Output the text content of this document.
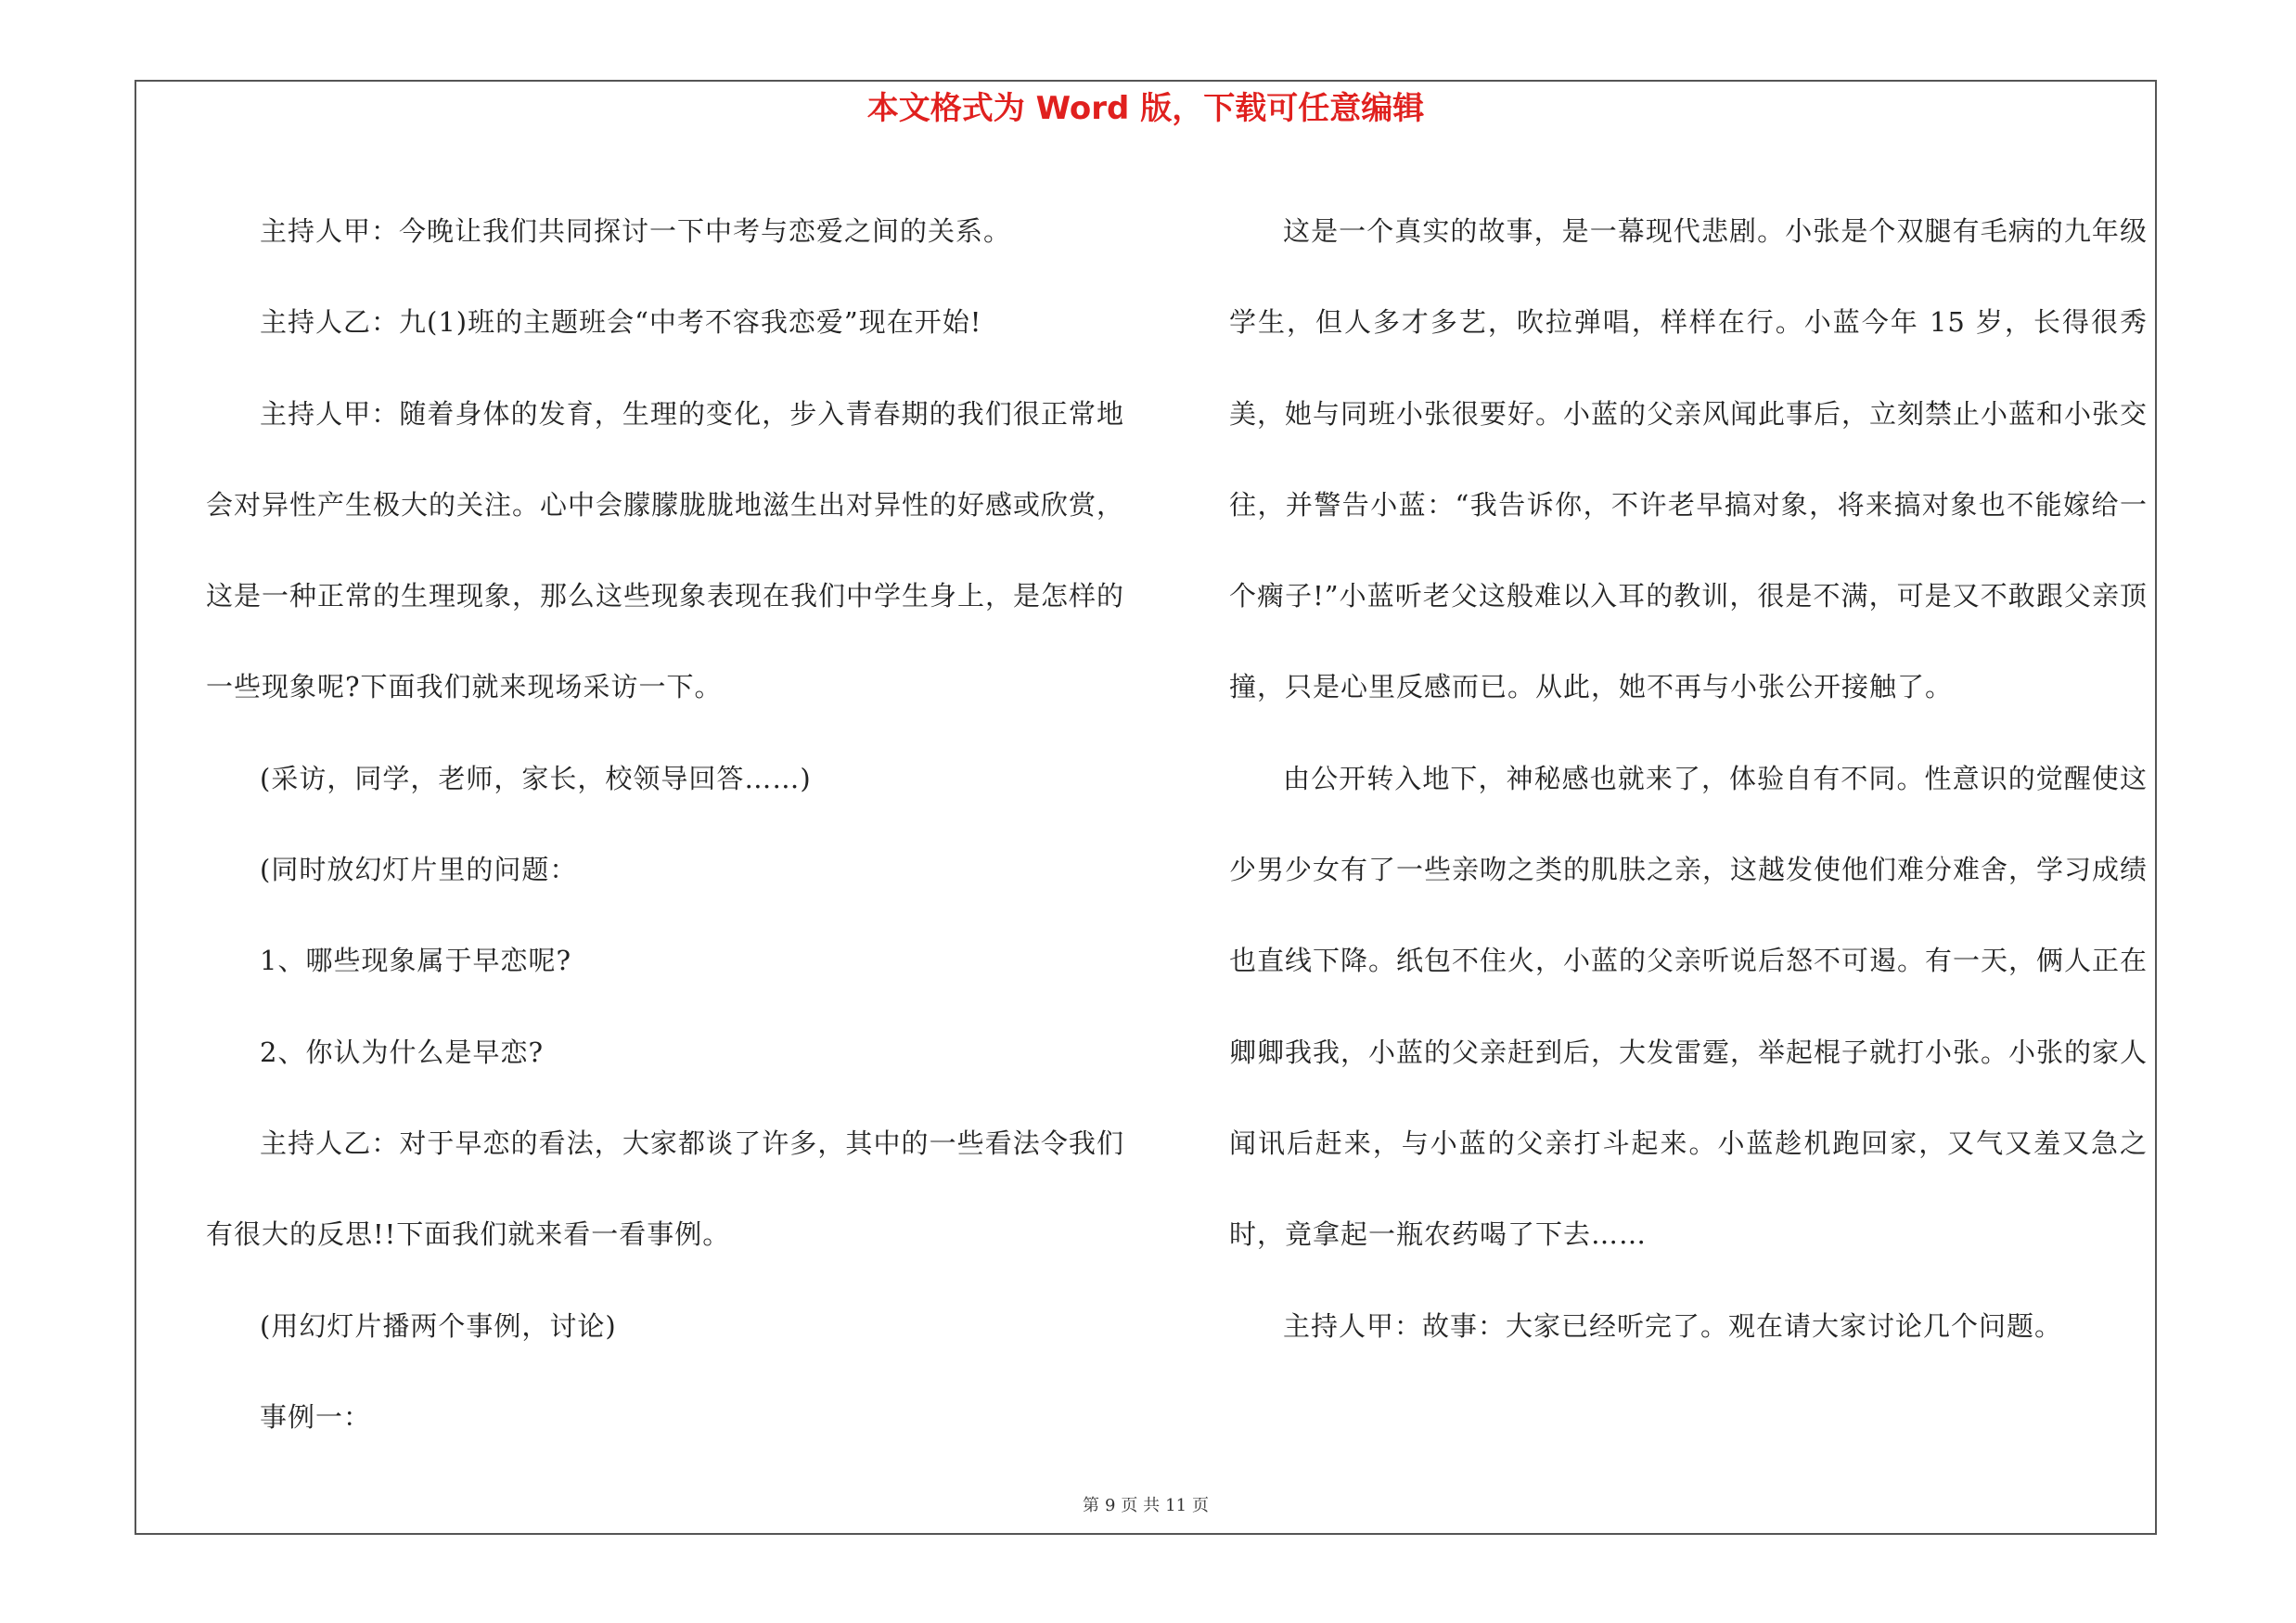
本文格式为 Word 版，下载可任意编辑

主持人甲：今晚让我们共同探讨一下中考与恋爱之间的关系。

主持人乙：九(1)班的主题班会“中考不容我恋爱”现在开始!

主持人甲：随着身体的发育，生理的变化，步入青春期的我们很正常地会对异性产生极大的关注。心中会朦朦胧胧地滋生出对异性的好感或欣赏，这是一种正常的生理现象，那么这些现象表现在我们中学生身上，是怎样的一些现象呢?下面我们就来现场采访一下。

(采访，同学，老师，家长，校领导回答……)

(同时放幻灯片里的问题：

1、哪些现象属于早恋呢?

2、你认为什么是早恋?

主持人乙：对于早恋的看法，大家都谈了许多，其中的一些看法令我们有很大的反思!!下面我们就来看一看事例。

(用幻灯片播两个事例，讨论)

事例一：

这是一个真实的故事，是一幕现代悲剧。小张是个双腿有毛病的九年级学生，但人多才多艺，吹拉弹唱，样样在行。小蓝今年 15 岁，长得很秀美，她与同班小张很要好。小蓝的父亲风闻此事后，立刻禁止小蓝和小张交往，并警告小蓝：“我告诉你，不许老早搞对象，将来搞对象也不能嫁给一个瘸子!”小蓝听老父这般难以入耳的教训，很是不满，可是又不敢跟父亲顶撞，只是心里反感而已。从此，她不再与小张公开接触了。

由公开转入地下，神秘感也就来了，体验自有不同。性意识的觉醒使这少男少女有了一些亲吻之类的肌肤之亲，这越发使他们难分难舍，学习成绩也直线下降。纸包不住火，小蓝的父亲听说后怒不可遏。有一天，俩人正在卿卿我我，小蓝的父亲赶到后，大发雷霆，举起棍子就打小张。小张的家人闻讯后赶来，与小蓝的父亲打斗起来。小蓝趁机跑回家，又气又羞又急之时，竟拿起一瓶农药喝了下去……

主持人甲：故事：大家已经听完了。观在请大家讨论几个问题。

第 9 页 共 11 页
